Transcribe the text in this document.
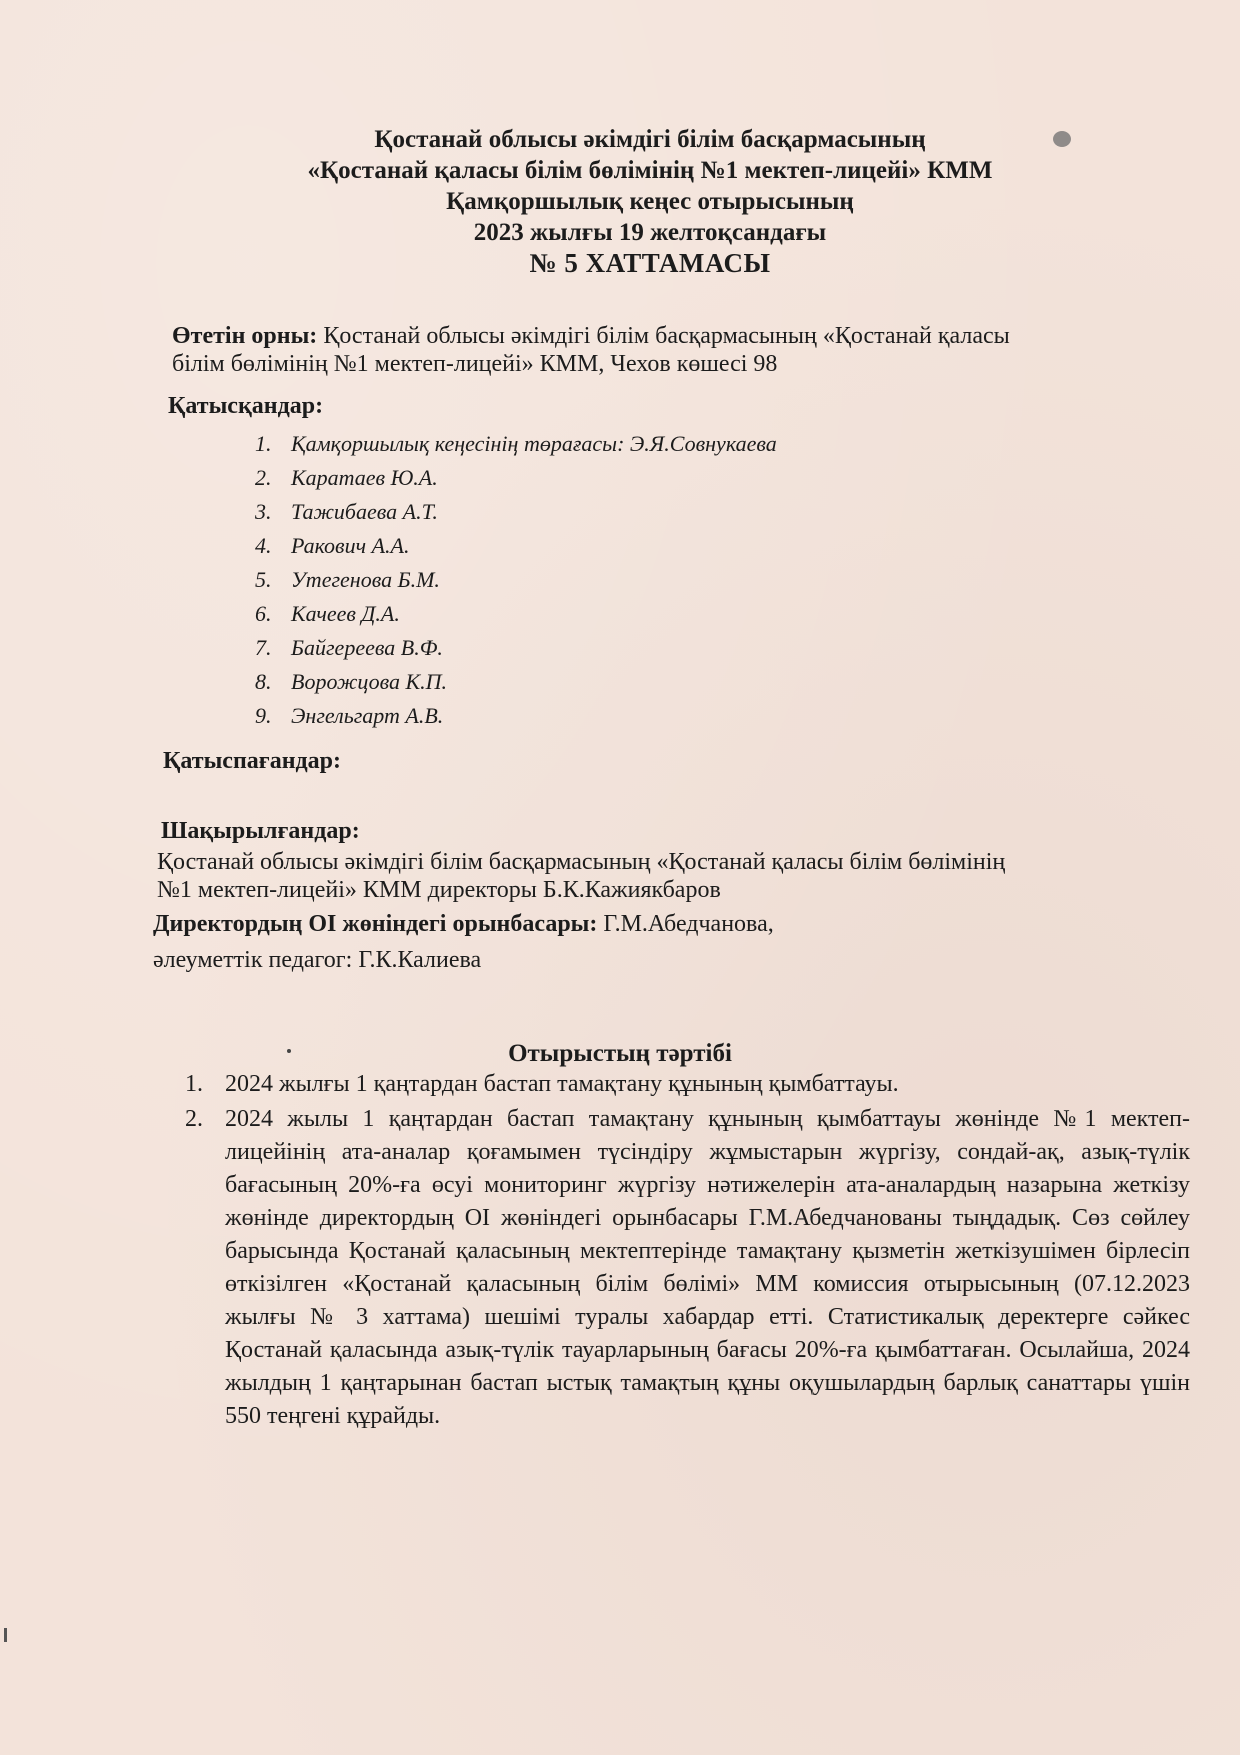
Қостанай облысы әкімдігі білім басқармасының
«Қостанай қаласы білім бөлімінің №1 мектеп-лицейі» КММ
Қамқоршылық кеңес отырысының
2023 жылғы 19 желтоқсандағы
№ 5 ХАТТАМАСЫ
Өтетін орны: Қостанай облысы әкімдігі білім басқармасының «Қостанай қаласы
білім бөлімінің №1 мектеп-лицейі» КММ, Чехов көшесі 98
Қатысқандар:
1. Қамқоршылық кеңесінің төрағасы: Э.Я.Совнукаева
2. Каратаев Ю.А.
3. Тажибаева А.Т.
4. Ракович А.А.
5. Утегенова Б.М.
6. Качеев Д.А.
7. Байгереева В.Ф.
8. Ворожцова К.П.
9. Энгельгарт А.В.
Қатыспағандар:
Шақырылғандар:
Қостанай облысы әкімдігі білім басқармасының «Қостанай қаласы білім бөлімінің
№1 мектеп-лицейі» КММ директоры Б.К.Кажиякбаров
Директордың ОІ жөніндегі орынбасары: Г.М.Абедчанова,
әлеуметтік педагог: Г.К.Калиева
Отырыстың тәртібі
1. 2024 жылғы 1 қаңтардан бастап тамақтану құнының қымбаттауы.
2. 2024 жылы 1 қаңтардан бастап тамақтану құнының қымбаттауы жөнінде №1 мектеп-лицейінің ата-аналар қоғамымен түсіндіру жұмыстарын жүргізу, сондай-ақ, азық-түлік бағасының 20%-ға өсуі мониторинг жүргізу нәтижелерін ата-аналардың назарына жеткізу жөнінде директордың ОІ жөніндегі орынбасары Г.М.Абедчанованы тыңдадық. Сөз сөйлеу барысында Қостанай қаласының мектептерінде тамақтану қызметін жеткізушімен бірлесіп өткізілген «Қостанай қаласының білім бөлімі» ММ комиссия отырысының (07.12.2023 жылғы № 3 хаттама) шешімі туралы хабардар етті. Статистикалық деректерге сәйкес Қостанай қаласында азық-түлік тауарларының бағасы 20%-ға қымбаттаған. Осылайша, 2024 жылдың 1 қаңтарынан бастап ыстық тамақтың құны оқушылардың барлық санаттары үшін 550 теңгені құрайды.
